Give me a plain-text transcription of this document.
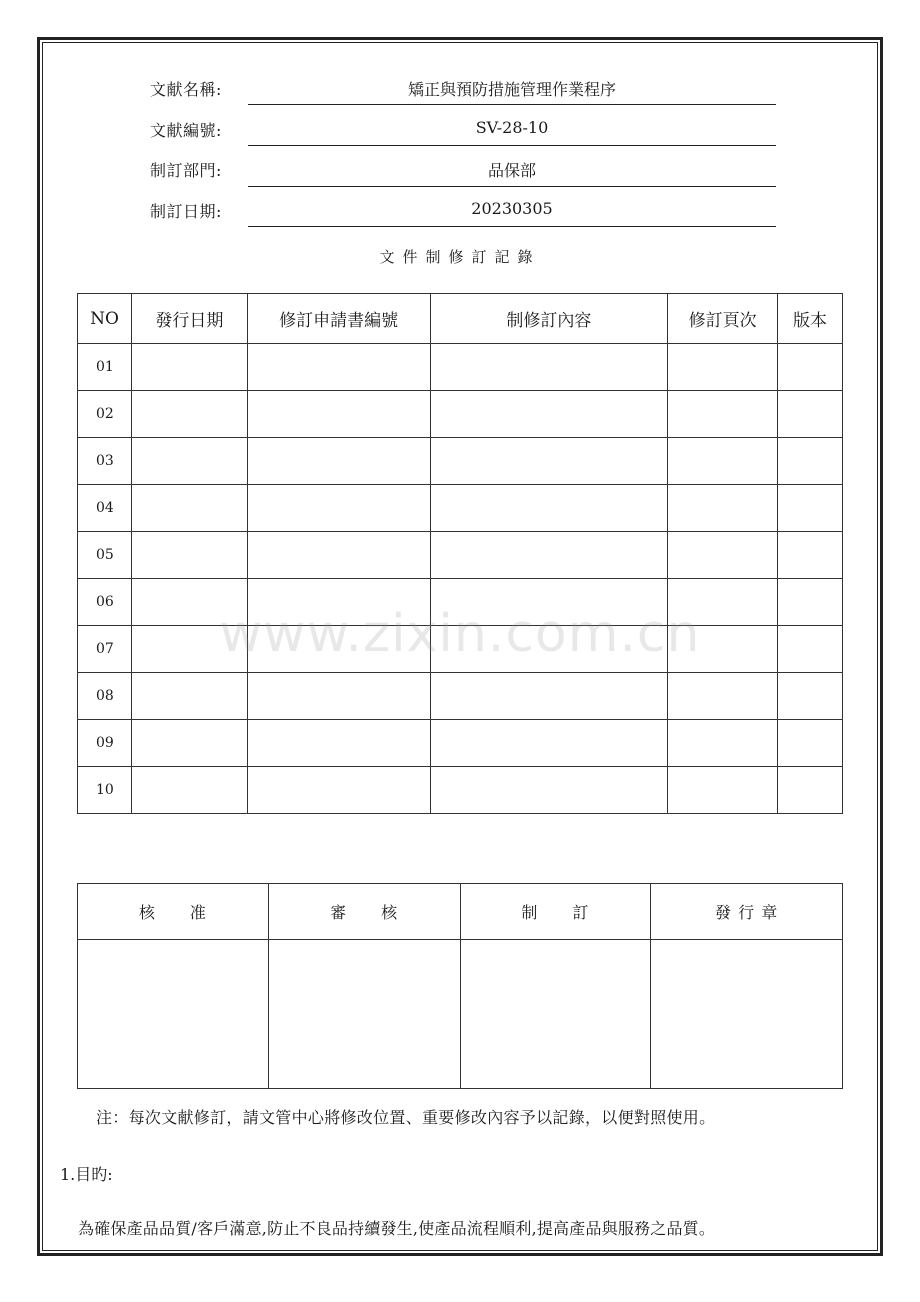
文献名稱:	矯正與預防措施管理作業程序
文献編號:	SV-28-10
制訂部門:	品保部
制訂日期:	20230305
文件制修訂記錄
NO	發行日期	修訂申請書編號	制修訂內容	修訂頁次	版本
01					
02					
03					
04					
05					
06					
07					
08					
09					
10					
核　　准	審　　核	制　　訂	發 行 章

注：每次文献修訂，請文管中心將修改位置、重要修改內容予以記錄，以便對照使用。
1.目旳:
為確保產品品質/客戶滿意,防止不良品持續發生,使產品流程順利,提高產品與服務之品質。
www.zixin.com.cn
